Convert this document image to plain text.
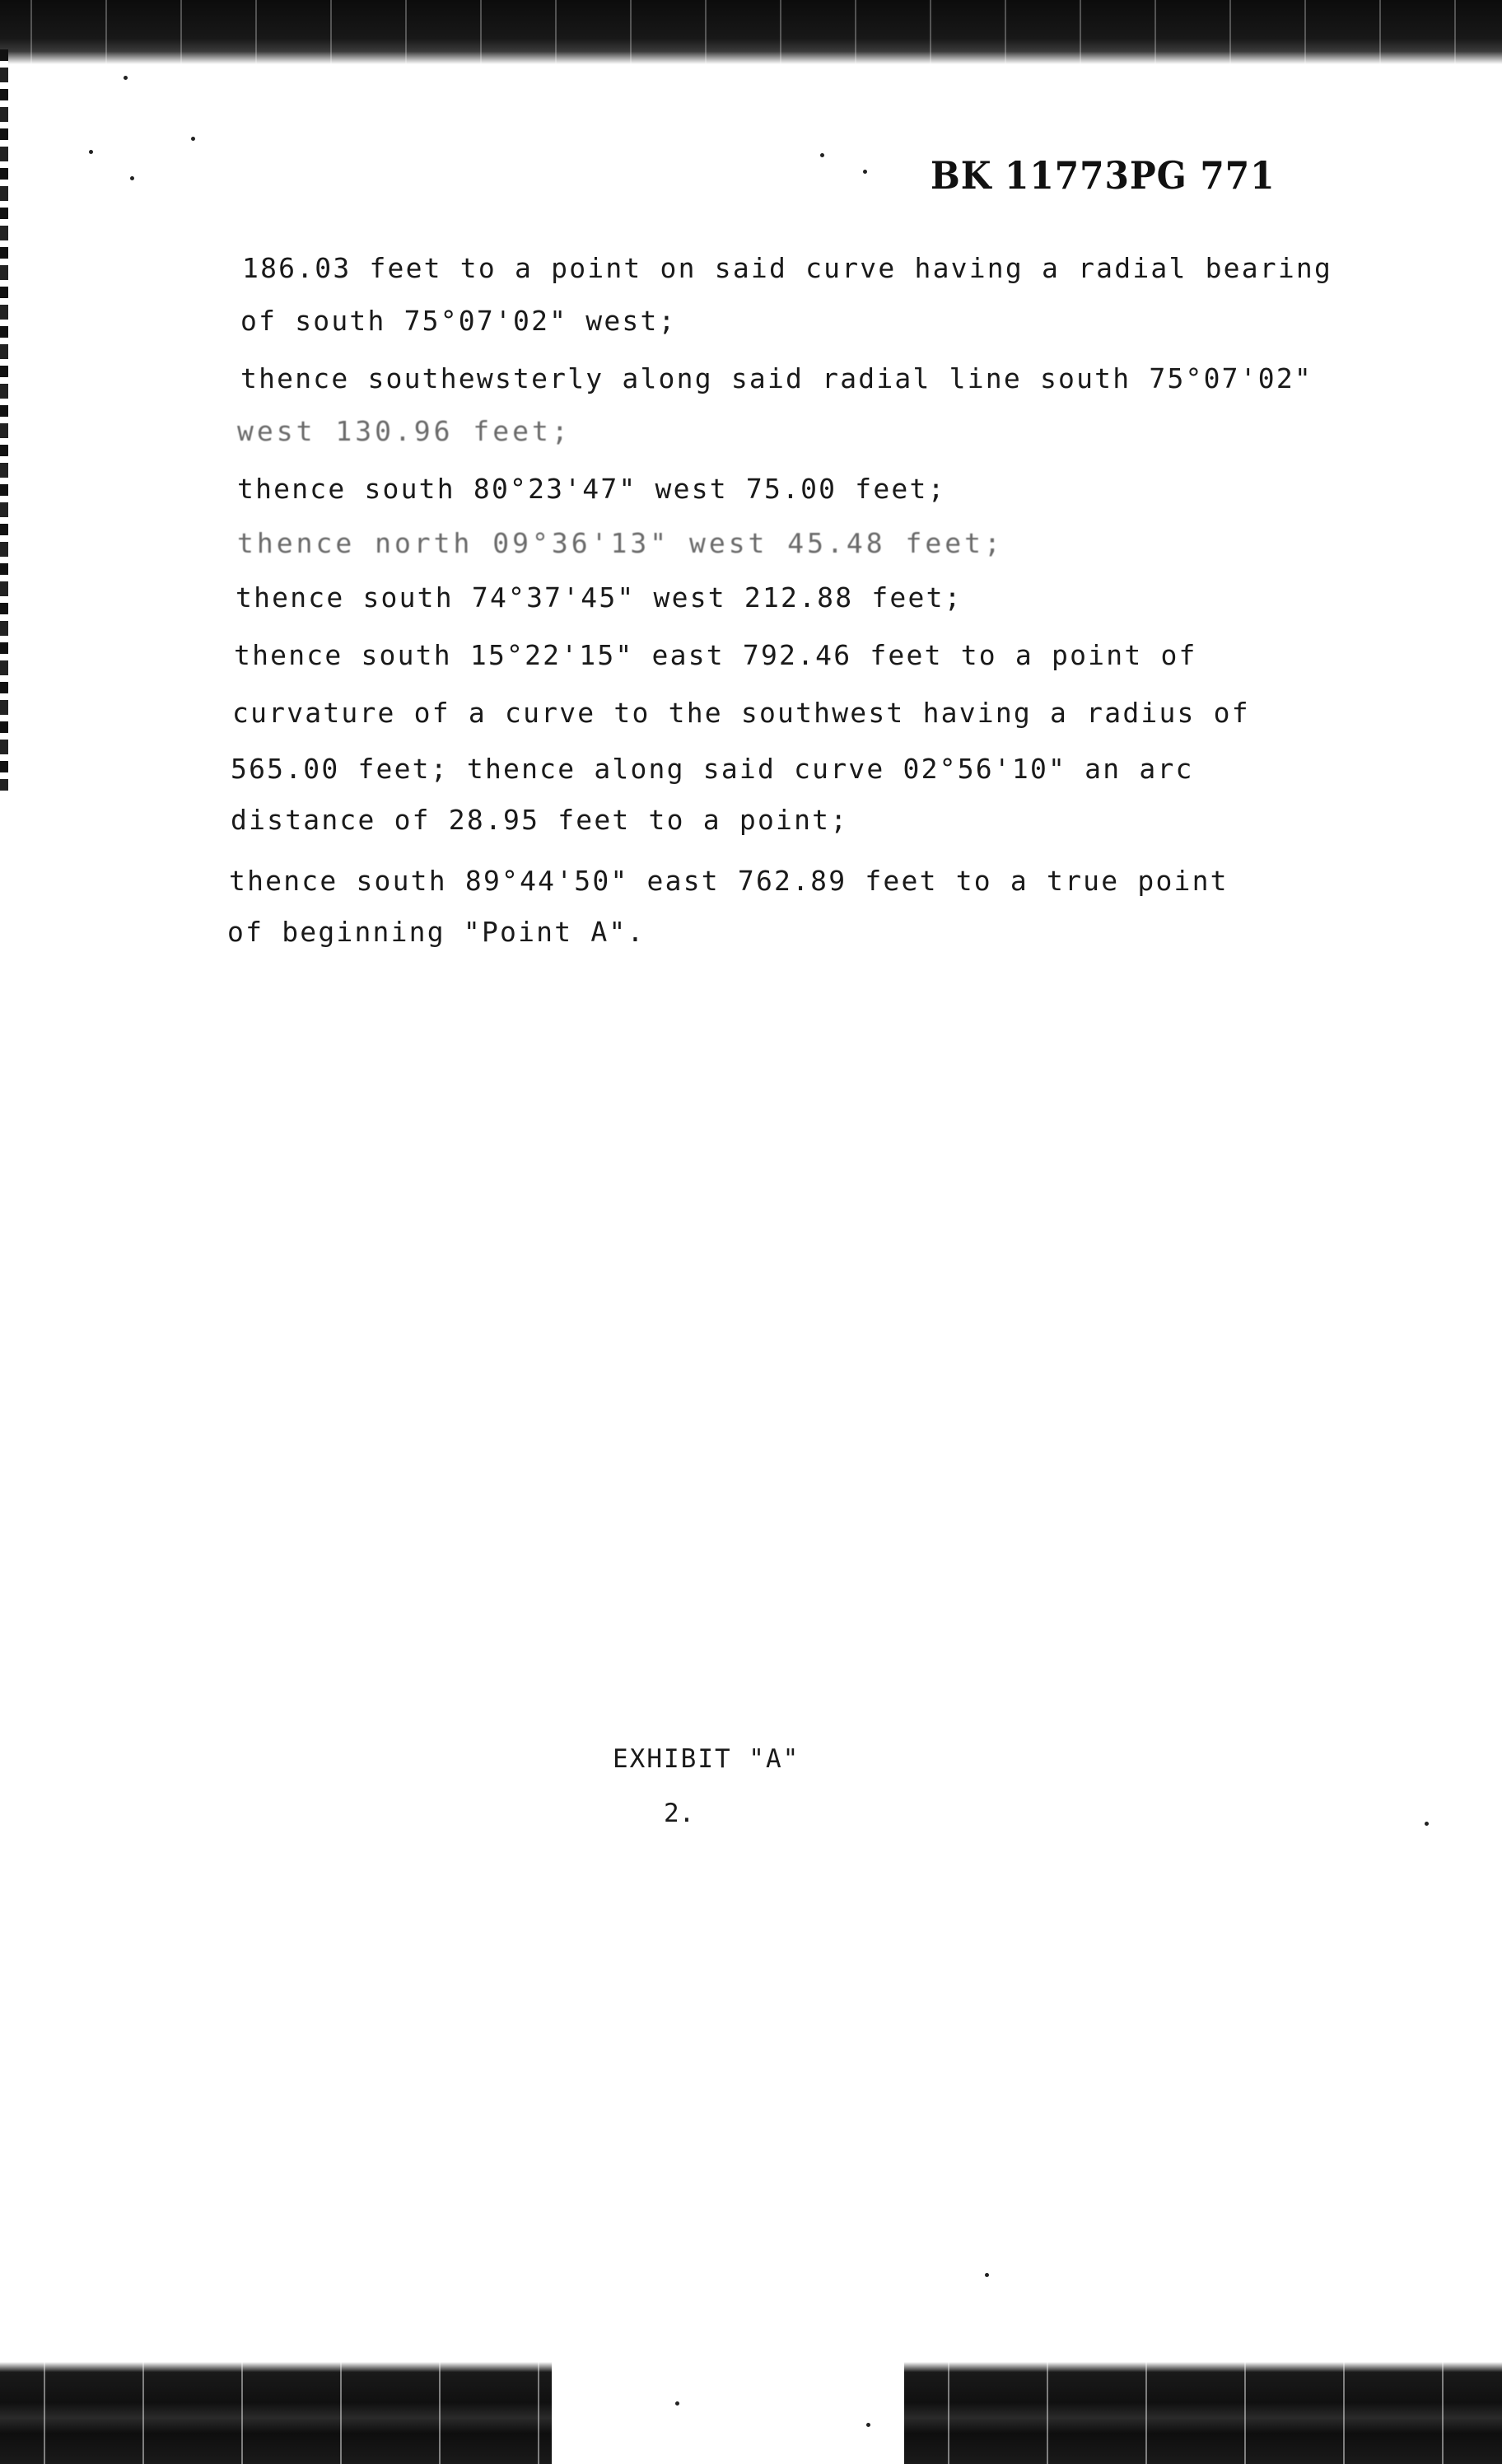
BK 11773PG 771
186.03 feet to a point on said curve having a radial bearing
of south 75°07'02" west;
thence southewsterly along said radial line south 75°07'02"
west 130.96 feet;
thence south 80°23'47" west 75.00 feet;
thence north 09°36'13" west 45.48 feet;
thence south 74°37'45" west 212.88 feet;
thence south 15°22'15" east 792.46 feet to a point of
curvature of a curve to the southwest having a radius of
565.00 feet; thence along said curve 02°56'10" an arc
distance of 28.95 feet to a point;
thence south 89°44'50" east 762.89 feet to a true point
of beginning "Point A".
EXHIBIT "A"
2.
